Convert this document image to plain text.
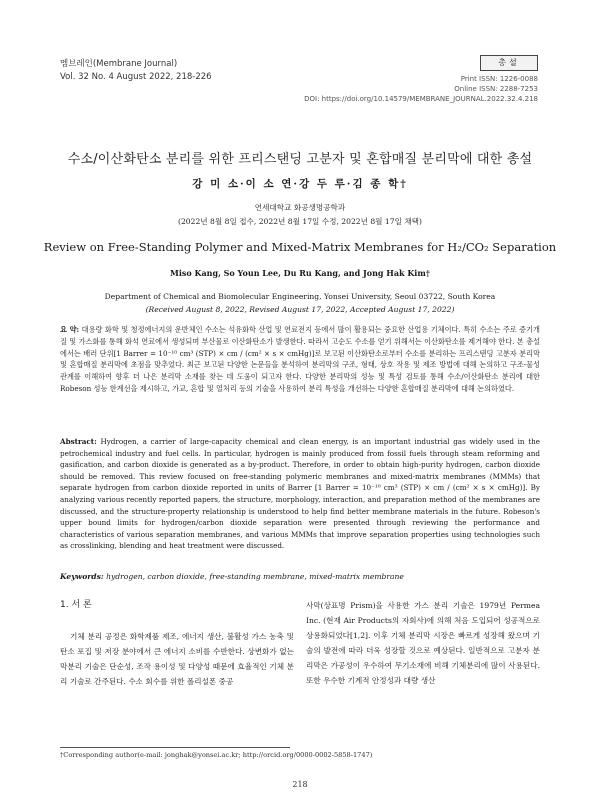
멤브레인(Membrane Journal)
Vol. 32 No. 4 August 2022, 218-226
총설
Print ISSN: 1226-0088
Online ISSN: 2288-7253
DOI: https://doi.org/10.14579/MEMBRANE_JOURNAL.2022.32.4.218
수소/이산화탄소 분리를 위한 프리스탠딩 고분자 및 혼합매질 분리막에 대한 총설
강 미 소·이 소 연·강 두 루·김 종 학†
연세대학교 화공생명공학과
(2022년 8월 8일 접수, 2022년 8월 17일 수정, 2022년 8월 17일 채택)
Review on Free-Standing Polymer and Mixed-Matrix Membranes for H₂/CO₂ Separation
Miso Kang, So Youn Lee, Du Ru Kang, and Jong Hak Kim†
Department of Chemical and Biomolecular Engineering, Yonsei University, Seoul 03722, South Korea
(Received August 8, 2022, Revised August 17, 2022, Accepted August 17, 2022)
요 약: 대용량 화학 및 청정에너지의 운반체인 수소는 석유화학 산업 및 연료전지 등에서 많이 활용되는 중요한 산업용 기체이다. 특히 수소는 주로 증기개질 및 가스화를 통해 화석 연료에서 생성되며 부산물로 이산화탄소가 발생한다. 따라서 고순도 수소를 얻기 위해서는 이산화탄소를 제거해야 한다. 본 총설에서는 배러 단위[1 Barrer = 10⁻¹⁰ cm³ (STP) × cm / (cm² × s × cmHg)]로 보고된 이산화탄소로부터 수소를 분리하는 프리스탠딩 고분자 분리막 및 혼합매질 분리막에 초점을 맞추었다. 최근 보고된 다양한 논문들을 분석하여 분리막의 구조, 형태, 상호 작용 및 제조 방법에 대해 논의하고 구조-물성 관계를 이해하여 향후 더 나은 분리막 소재를 찾는 데 도움이 되고자 한다. 다양한 분리막의 성능 및 특성 검토를 통해 수소/이산화탄소 분리에 대한 Robeson 성능 한계선을 제시하고, 가교, 혼합 및 열처리 등의 기술을 사용하여 분리 특성을 개선하는 다양한 혼합매질 분리막에 대해 논의하였다.
Abstract: Hydrogen, a carrier of large-capacity chemical and clean energy, is an important industrial gas widely used in the petrochemical industry and fuel cells. In particular, hydrogen is mainly produced from fossil fuels through steam reforming and gasification, and carbon dioxide is generated as a by-product. Therefore, in order to obtain high-purity hydrogen, carbon dioxide should be removed. This review focused on free-standing polymeric membranes and mixed-matrix membranes (MMMs) that separate hydrogen from carbon dioxide reported in units of Barrer [1 Barrer = 10⁻¹⁰ cm³ (STP) × cm / (cm² × s × cmHg)]. By analyzing various recently reported papers, the structure, morphology, interaction, and preparation method of the membranes are discussed, and the structure-property relationship is understood to help find better membrane materials in the future. Robeson's upper bound limits for hydrogen/carbon dioxide separation were presented through reviewing the performance and characteristics of various separation membranes, and various MMMs that improve separation properties using technologies such as crosslinking, blending and heat treatment were discussed.
Keywords: hydrogen, carbon dioxide, free-standing membrane, mixed-matrix membrane
1. 서 론
기체 분리 공정은 화학제품 제조, 에너지 생산, 불활성 가스 농축 및 탄소 포집 및 저장 분야에서 큰 에너지 소비를 수반한다. 상변화가 없는 막분리 기술은 단순성, 조작 용이성 및 다양성 때문에 효율적인 기체 분리 기술로 간주된다. 수소 회수를 위한 폴리설폰 중공
사막(상표명 Prism)을 사용한 가스 분리 기술은 1979년 Permea Inc. (현재 Air Products의 자회사)에 의해 처음 도입되어 성공적으로 상용화되었다[1,2]. 이후 기체 분리막 시장은 빠르게 성장해 왔으며 기술의 발전에 따라 더욱 성장할 것으로 예상된다. 일반적으로 고분자 분리막은 가공성이 우수하여 무기소재에 비해 기체분리에 많이 사용된다. 또한 우수한 기계적 안정성과 대량 생산
†Corresponding author(e-mail: jonghak@yonsei.ac.kr; http://orcid.org/0000-0002-5858-1747)
218
